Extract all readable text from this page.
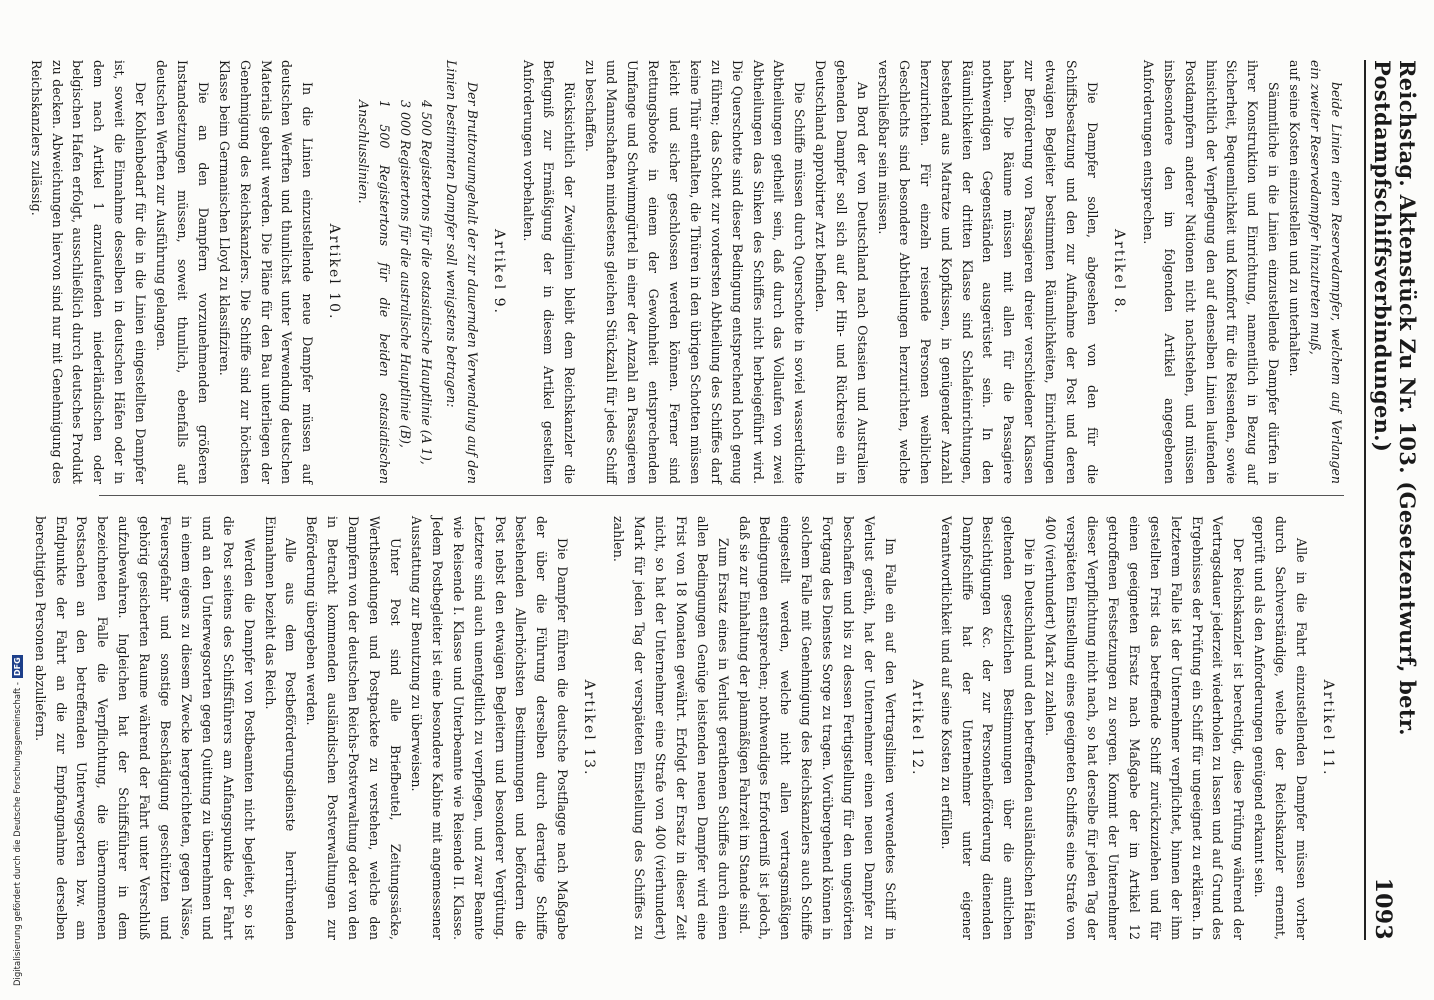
Reichstag. Aktenstück Zu Nr. 103. (Gesetzentwurf, betr. Postdampfschiffsverbindungen.)
1093

beide Linien einen Reservedampfer, welchem auf Verlangen ein zweiter Reservedampfer hinzutreten muß,

auf seine Kosten einzustellen und zu unterhalten.

Sämmtliche in die Linien einzustellende Dampfer dürfen in ihrer Konstruktion und Einrichtung, namentlich in Bezug auf Sicherheit, Bequemlichkeit und Komfort für die Reisenden, sowie hinsichtlich der Verpflegung den auf denselben Linien laufenden Postdampfern anderer Nationen nicht nachstehen, und müssen insbesondere den im folgenden Artikel angegebenen Anforderungen entsprechen.

Artikel 8.

Die Dampfer sollen, abgesehen von den für die Schiffsbesatzung und den zur Aufnahme der Post und deren etwaigen Begleiter bestimmten Räumlichkeiten, Einrichtungen zur Beförderung von Passagieren dreier verschiedener Klassen haben. Die Räume müssen mit allen für die Passagiere nothwendigen Gegenständen ausgerüstet sein. In den Räumlichkeiten der dritten Klasse sind Schlafeinrichtungen, bestehend aus Matratze und Kopfkissen, in genügender Anzahl herzurichten. Für einzeln reisende Personen weiblichen Geschlechts sind besondere Abtheilungen herzurichten, welche verschließbar sein müssen.

An Bord der von Deutschland nach Ostasien und Australien gehenden Dampfer soll sich auf der Hin- und Rückreise ein in Deutschland approbirter Arzt befinden.

Die Schiffe müssen durch Querschotte in soviel wasserdichte Abtheilungen getheilt sein, daß durch das Vollaufen von zwei Abtheilungen das Sinken des Schiffes nicht herbeigeführt wird. Die Querschotte sind dieser Bedingung entsprechend hoch genug zu führen; das Schott zur vordersten Abtheilung des Schiffes darf keine Thür enthalten, die Thüren in den übrigen Schotten müssen leicht und sicher geschlossen werden können. Ferner sind Rettungsboote in einem der Gewohnheit entsprechenden Umfange und Schwimmgürtel in einer der Anzahl an Passagieren und Mannschaften mindestens gleichen Stückzahl für jedes Schiff zu beschaffen.

Rücksichtlich der Zweiglinien bleibt dem Reichskanzler die Befugniß zur Ermäßigung der in diesem Artikel gestellten Anforderungen vorbehalten.

Artikel 9.

Der Bruttoraumgehalt der zur dauernden Verwendung auf den Linien bestimmten Dampfer soll wenigstens betragen:

4 500 Registertons für die ostasiatische Hauptlinie (A 1),
3 000 Registertons für die australische Hauptlinie (B),
1 500 Registertons für die beiden ostasiatischen Anschlusslinien.
Artikel 10.

In die Linien einzustellende neue Dampfer müssen auf deutschen Werften und thunlichst unter Verwendung deutschen Materials gebaut werden. Die Pläne für den Bau unterliegen der Genehmigung des Reichskanzlers. Die Schiffe sind zur höchsten Klasse beim Germanischen Lloyd zu klassifiziren.

Die an den Dampfern vorzunehmenden größeren Instandsetzungen müssen, soweit thunlich, ebenfalls auf deutschen Werften zur Ausführung gelangen.

Der Kohlenbedarf für die in die Linien eingestellten Dampfer ist, soweit die Einnahme desselben in deutschen Häfen oder in dem nach Artikel 1 anzulaufenden niederländischen oder belgischen Hafen erfolgt, ausschließlich durch deutsches Produkt zu decken. Abweichungen hiervon sind nur mit Genehmigung des Reichskanzlers zulässig.

Artikel 11.

Alle in die Fahrt einzustellenden Dampfer müssen vorher durch Sachverständige, welche der Reichskanzler ernennt, geprüft und als den Anforderungen genügend erkannt sein.

Der Reichskanzler ist berechtigt, diese Prüfung während der Vertragsdauer jederzeit wiederholen zu lassen und auf Grund des Ergebnisses der Prüfung ein Schiff für ungeeignet zu erklären. In letzterem Falle ist der Unternehmer verpflichtet, binnen der ihm gestellten Frist das betreffende Schiff zurückzuziehen und für einen geeigneten Ersatz nach Maßgabe der im Artikel 12 getroffenen Festsetzungen zu sorgen. Kommt der Unternehmer dieser Verpflichtung nicht nach, so hat derselbe für jeden Tag der verspäteten Einstellung eines geeigneten Schiffes eine Strafe von 400 (vierhundert) Mark zu zahlen.

Die in Deutschland und den betreffenden ausländischen Häfen geltenden gesetzlichen Bestimmungen über die amtlichen Besichtigungen &c. der zur Personenbeförderung dienenden Dampfschiffe hat der Unternehmer unter eigener Verantwortlichkeit und auf seine Kosten zu erfüllen.

Artikel 12.

Im Falle ein auf den Vertragslinien verwendetes Schiff in Verlust geräth, hat der Unternehmer einen neuen Dampfer zu beschaffen und bis zu dessen Fertigstellung für den ungestörten Fortgang des Dienstes Sorge zu tragen. Vorübergehend können in solchem Falle mit Genehmigung des Reichskanzlers auch Schiffe eingestellt werden, welche nicht allen vertragsmäßigen Bedingungen entsprechen; nothwendiges Erforderniß ist jedoch, daß sie zur Einhaltung der planmäßigen Fahrzeit im Stande sind.

Zum Ersatz eines in Verlust gerathenen Schiffes durch einen allen Bedingungen Genüge leistenden neuen Dampfer wird eine Frist von 18 Monaten gewährt. Erfolgt der Ersatz in dieser Zeit nicht, so hat der Unternehmer eine Strafe von 400 (vierhundert) Mark für jeden Tag der verspäteten Einstellung des Schiffes zu zahlen.

Artikel 13.

Die Dampfer führen die deutsche Postflagge nach Maßgabe der über die Führung derselben durch derartige Schiffe bestehenden Allerhöchsten Bestimmungen und befördern die Post nebst den etwaigen Begleitern und besonderer Vergütung. Letztere sind auch unentgeltlich zu verpflegen, und zwar Beamte wie Reisende I. Klasse und Unterbeamte wie Reisende II. Klasse. Jedem Postbegleiter ist eine besondere Kabine mit angemessener Ausstattung zur Benutzung zu überweisen.

Unter Post sind alle Briefbeutel, Zeitungssäcke, Werthsendungen und Postpackete zu verstehen, welche den Dampfern von der deutschen Reichs-Postverwaltung oder von den in Betracht kommenden ausländischen Postverwaltungen zur Beförderung übergeben werden.

Alle aus dem Postbeförderungsdienste herrührenden Einnahmen bezieht das Reich.

Werden die Dampfer von Postbeamten nicht begleitet, so ist die Post seitens des Schiffsführers am Anfangspunkte der Fahrt und an den Unterwegsorten gegen Quittung zu übernehmen und in einem eigens zu diesem Zwecke hergerichteten, gegen Nässe, Feuersgefahr und sonstige Beschädigung geschützten und gehörig gesicherten Raume während der Fahrt unter Verschluß aufzubewahren. Ingleichen hat der Schiffsführer in dem bezeichneten Falle die Verpflichtung, die übernommenen Postsachen an den betreffenden Unterwegsorten bzw. am Endpunkte der Fahrt an die zur Empfangnahme derselben berechtigten Personen abzuliefern.

Digitalisierung gefördert durch die Deutsche Forschungsgemeinschaft -
DFG
